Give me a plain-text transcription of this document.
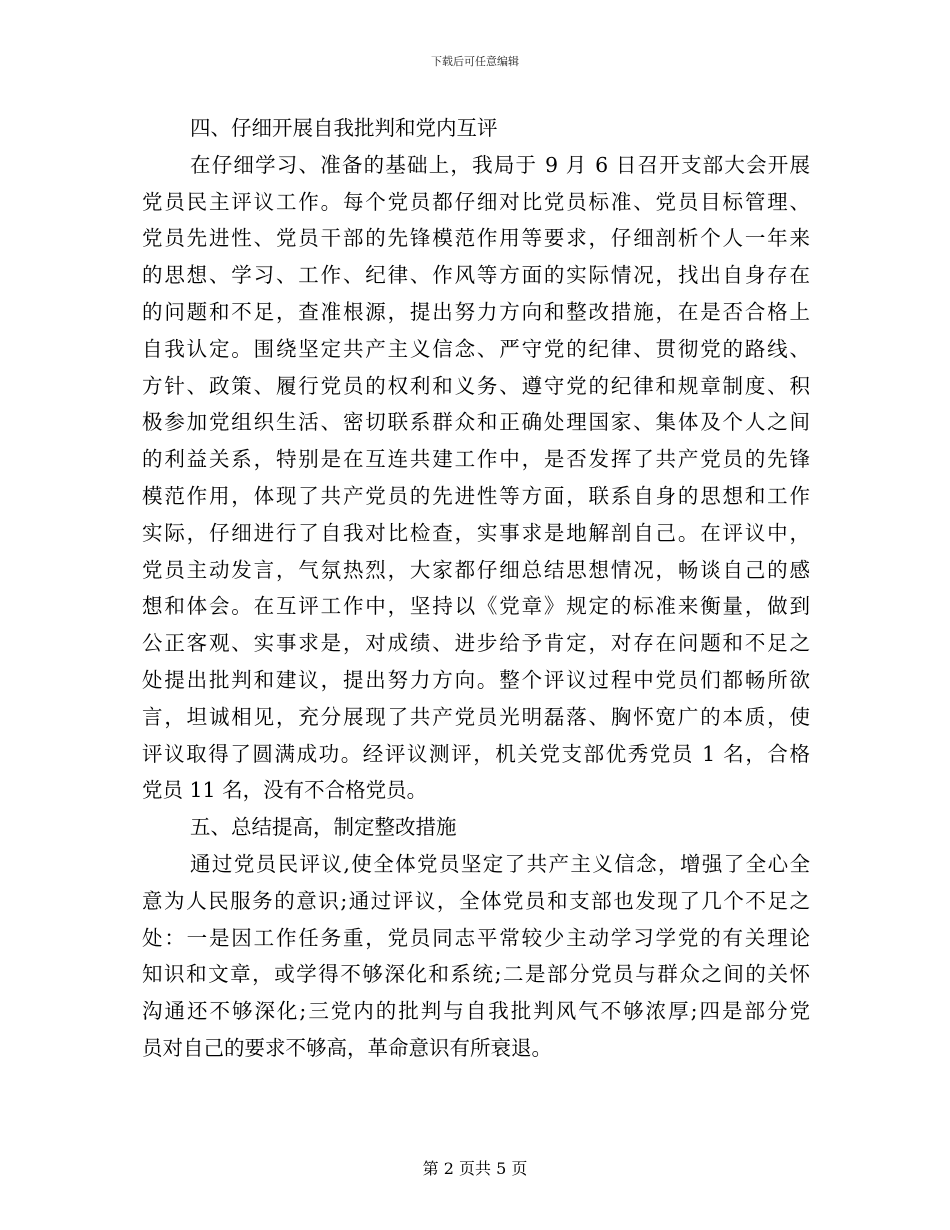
下载后可任意编辑
四、仔细开展自我批判和党内互评
在仔细学习、准备的基础上，我局于 9 月 6 日召开支部大会开展
党员民主评议工作。每个党员都仔细对比党员标准、党员目标管理、
党员先进性、党员干部的先锋模范作用等要求，仔细剖析个人一年来
的思想、学习、工作、纪律、作风等方面的实际情况，找出自身存在
的问题和不足，查准根源，提出努力方向和整改措施，在是否合格上
自我认定。围绕坚定共产主义信念、严守党的纪律、贯彻党的路线、
方针、政策、履行党员的权利和义务、遵守党的纪律和规章制度、积
极参加党组织生活、密切联系群众和正确处理国家、集体及个人之间
的利益关系，特别是在互连共建工作中，是否发挥了共产党员的先锋
模范作用，体现了共产党员的先进性等方面，联系自身的思想和工作
实际，仔细进行了自我对比检查，实事求是地解剖自己。在评议中，
党员主动发言，气氛热烈，大家都仔细总结思想情况，畅谈自己的感
想和体会。在互评工作中，坚持以《党章》规定的标准来衡量，做到
公正客观、实事求是，对成绩、进步给予肯定，对存在问题和不足之
处提出批判和建议，提出努力方向。整个评议过程中党员们都畅所欲
言，坦诚相见，充分展现了共产党员光明磊落、胸怀宽广的本质，使
评议取得了圆满成功。经评议测评，机关党支部优秀党员 1 名，合格
党员 11 名，没有不合格党员。
五、总结提高，制定整改措施
通过党员民评议,使全体党员坚定了共产主义信念，增强了全心全
意为人民服务的意识;通过评议，全体党员和支部也发现了几个不足之
处：一是因工作任务重，党员同志平常较少主动学习学党的有关理论
知识和文章，或学得不够深化和系统;二是部分党员与群众之间的关怀
沟通还不够深化;三党内的批判与自我批判风气不够浓厚;四是部分党
员对自己的要求不够高，革命意识有所衰退。
第 2 页共 5 页
